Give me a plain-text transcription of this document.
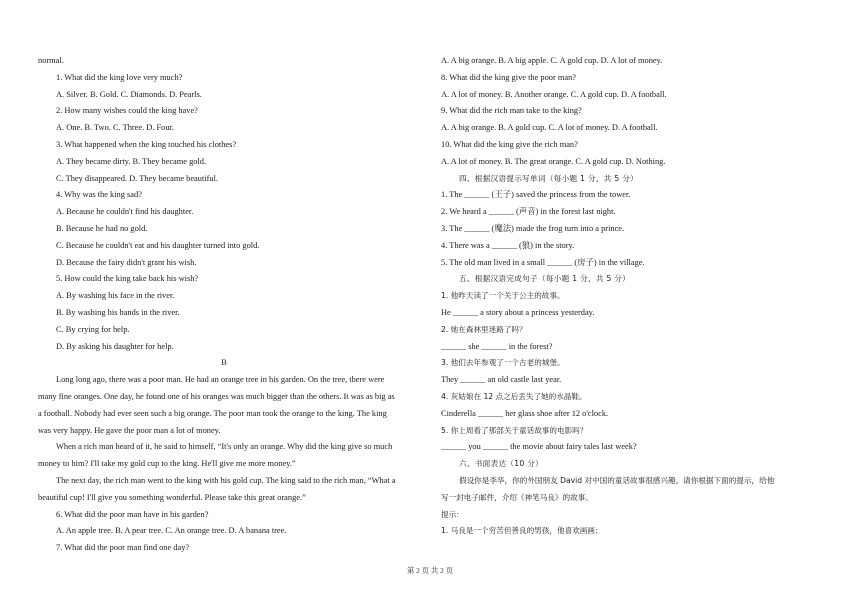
normal.
1. What did the king love very much?
A. Silver. B. Gold. C. Diamonds. D. Pearls.
2. How many wishes could the king have?
A. One. B. Two. C. Three. D. Four.
3. What happened when the king touched his clothes?
A. They became dirty. B. They became gold.
C. They disappeared. D. They became beautiful.
4. Why was the king sad?
A. Because he couldn't find his daughter.
B. Because he had no gold.
C. Because he couldn't eat and his daughter turned into gold.
D. Because the fairy didn't grant his wish.
5. How could the king take back his wish?
A. By washing his face in the river.
B. By washing his hands in the river.
C. By crying for help.
D. By asking his daughter for help.
B
Long long ago, there was a poor man. He had an orange tree in his garden. On the tree, there were
many fine oranges. One day, he found one of his oranges was much bigger than the others. It was as big as
a football. Nobody had ever seen such a big orange. The poor man took the orange to the king. The king
was very happy. He gave the poor man a lot of money.
When a rich man heard of it, he said to himself, “It's only an orange. Why did the king give so much
money to him? I'll take my gold cup to the king. He'll give me more money.”
The next day, the rich man went to the king with his gold cup. The king said to the rich man, “What a
beautiful cup! I'll give you something wonderful. Please take this great orange.”
6. What did the poor man have in his garden?
A. An apple tree. B. A pear tree. C. An orange tree. D. A banana tree.
7. What did the poor man find one day?
A. A big orange. B. A big apple. C. A gold cup. D. A lot of money.
8. What did the king give the poor man?
A. A lot of money. B. Another orange. C. A gold cup. D. A football.
9. What did the rich man take to the king?
A. A big orange. B. A gold cup. C. A lot of money. D. A football.
10. What did the king give the rich man?
A. A lot of money. B. The great orange. C. A gold cup. D. Nothing.
四、根据汉语提示写单词（每小题 1 分，共 5 分）
1. The ______ (王子) saved the princess from the tower.
2. We heard a ______ (声音) in the forest last night.
3. The ______ (魔法) made the frog turn into a prince.
4. There was a ______ (狼) in the story.
5. The old man lived in a small ______ (房子) in the village.
五、根据汉语完成句子（每小题 1 分，共 5 分）
1. 他昨天读了一个关于公主的故事。
He ______ a story about a princess yesterday.
2. 她在森林里迷路了吗？
______ she ______ in the forest?
3. 他们去年参观了一个古老的城堡。
They ______ an old castle last year.
4. 灰姑娘在 12 点之后丢失了她的水晶鞋。
Cinderella ______ her glass shoe after 12 o'clock.
5. 你上周看了那部关于童话故事的电影吗？
______ you ______ the movie about fairy tales last week?
六、书面表达（10 分）
假设你是李华，你的外国朋友 David 对中国的童话故事很感兴趣。请你根据下面的提示，给他
写一封电子邮件，介绍《神笔马良》的故事。
提示：
1. 马良是一个穷苦但善良的男孩，他喜欢画画；
第 2 页 共 2 页
